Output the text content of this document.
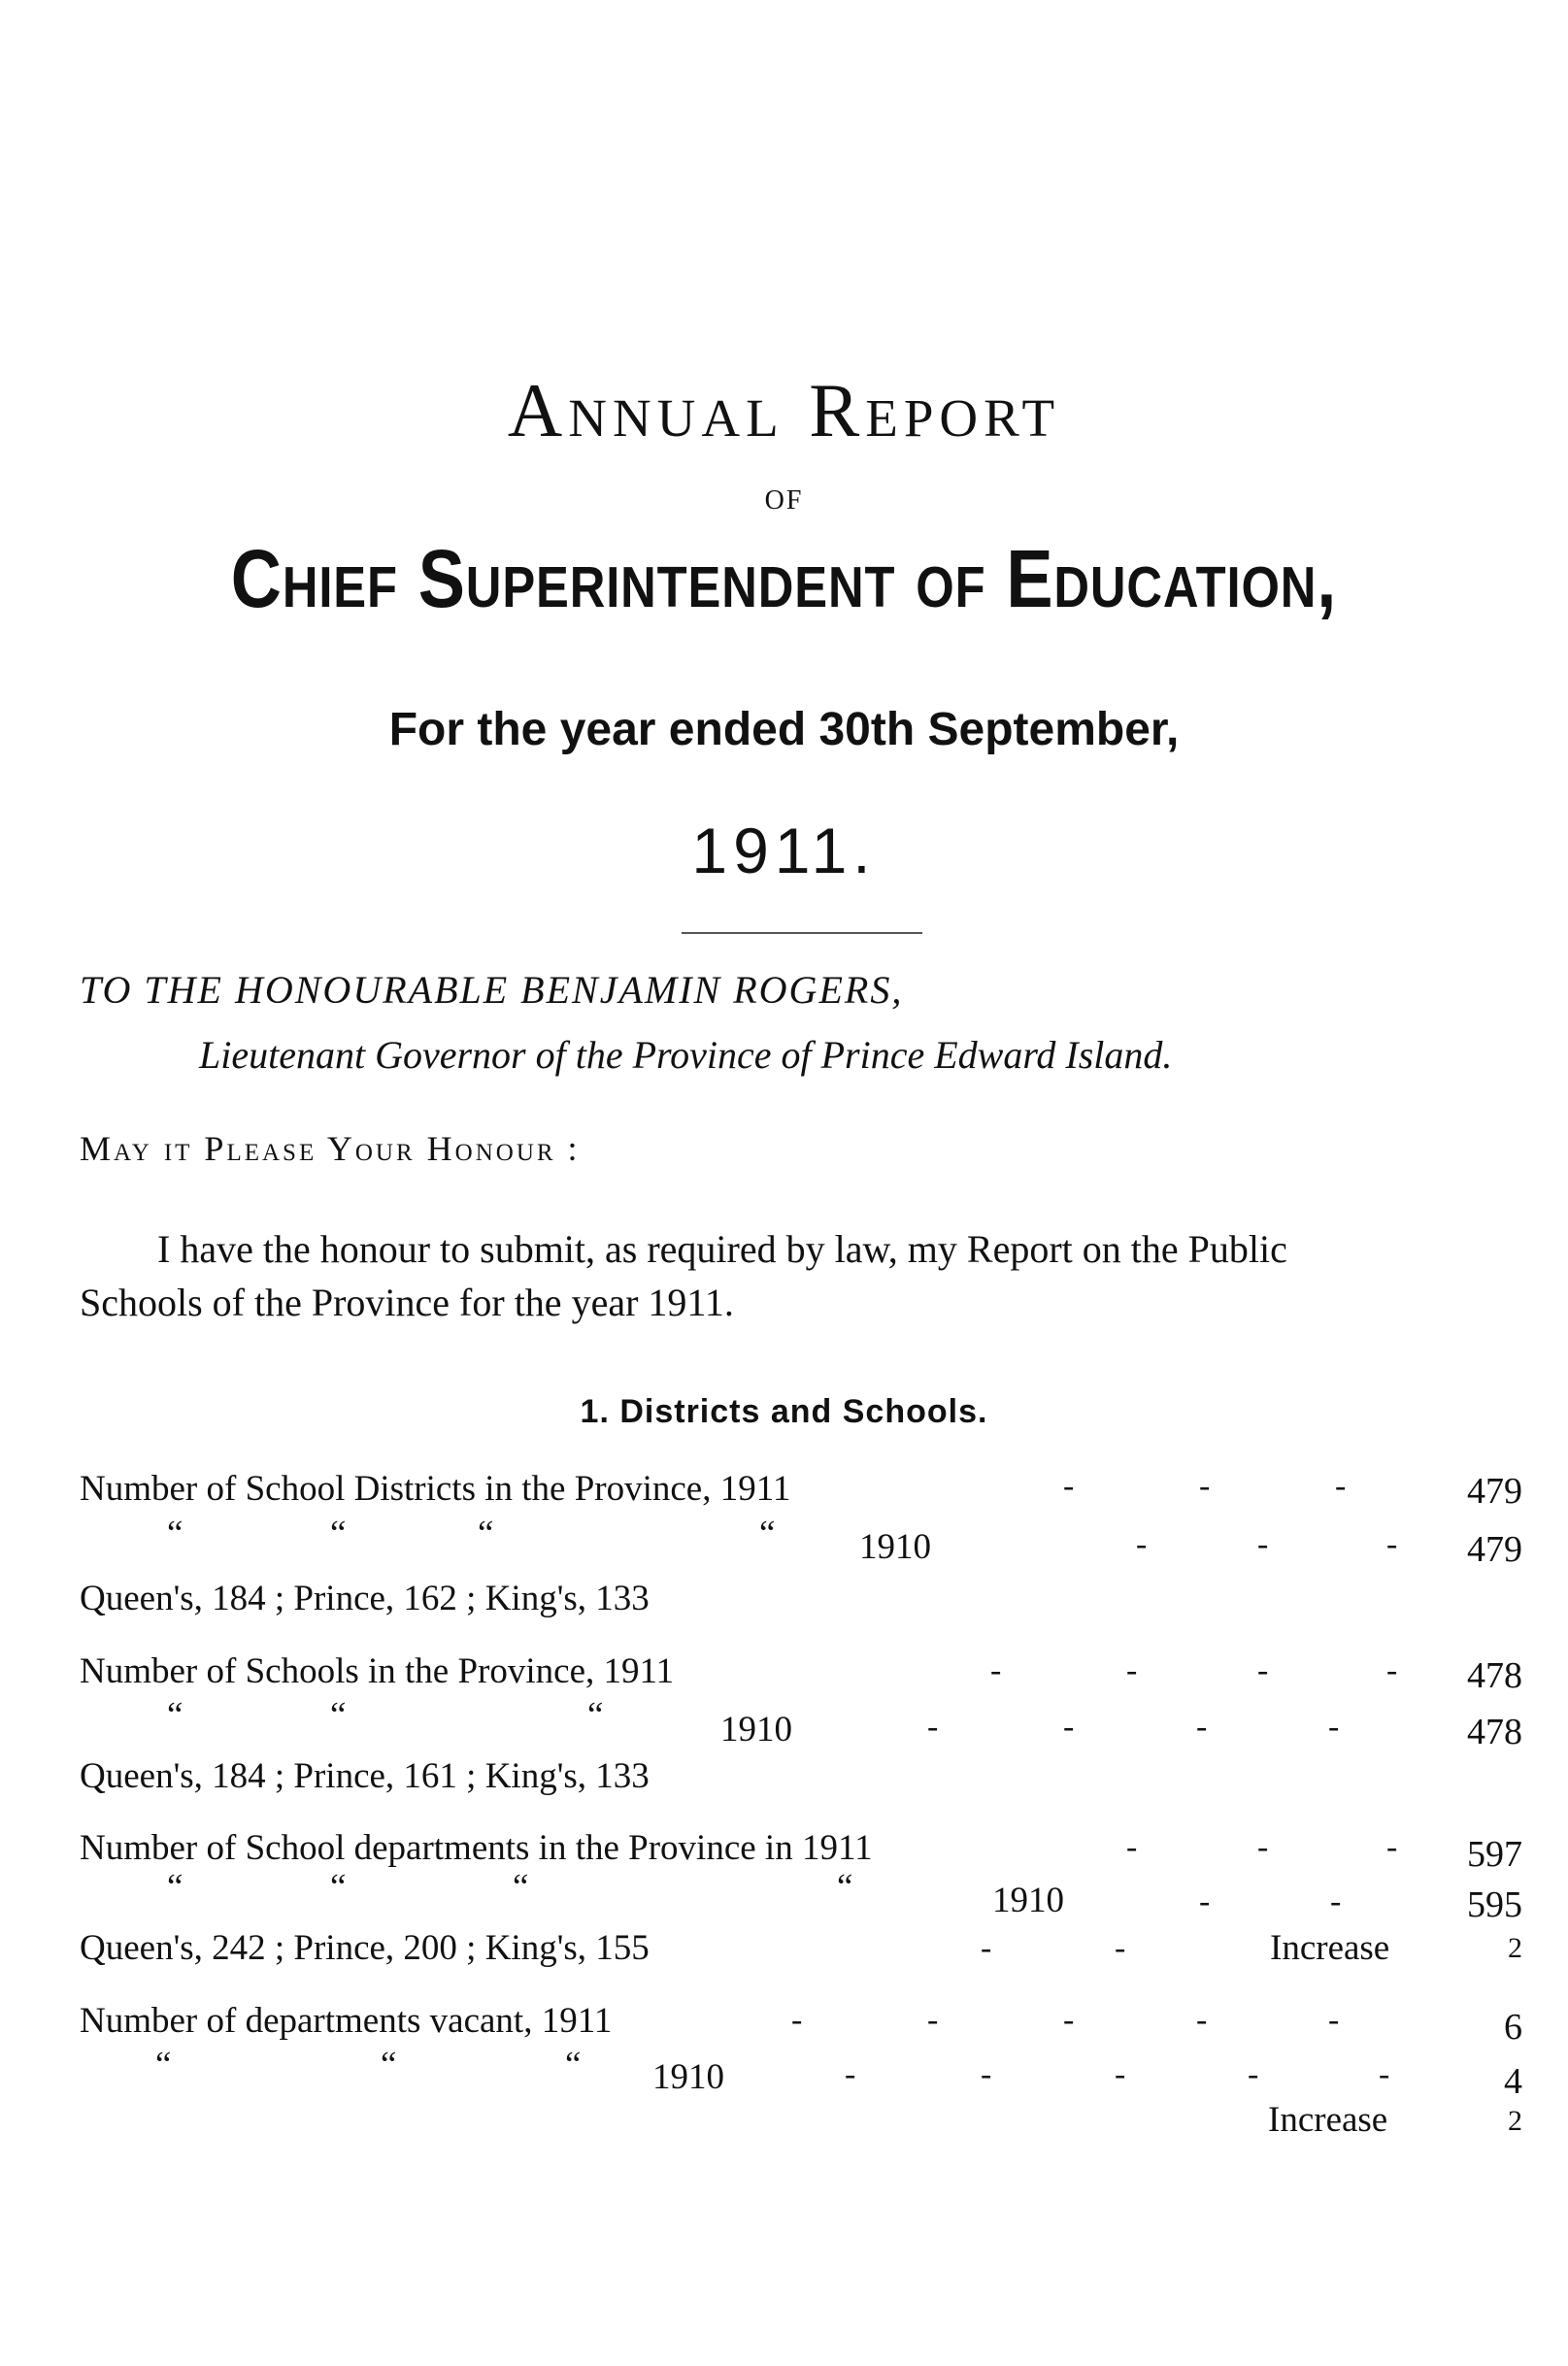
Annual Report
OF
Chief Superintendent of Education,
For the year ended 30th September,
1911.
TO THE HONOURABLE BENJAMIN ROGERS,
Lieutenant Governor of the Province of Prince Edward Island.
May it Please Your Honour :
I have the honour to submit, as required by law, my Report on the Public
Schools of the Province for the year 1911.
1. Districts and Schools.
Number of School Districts in the Province, 1911	-	-	-	479
“	“	“	“ 1910	-	-	-	479
Queen's, 184 ; Prince, 162 ; King's, 133
Number of Schools in the Province, 1911	-	-	-	-	478
“	“	“	1910	-	-	-	-	478
Queen's, 184 ; Prince, 161 ; King's, 133
Number of School departments in the Province in 1911	-	-	-	597
“	“	“	“	1910	-	-	595
Queen's, 242 ; Prince, 200 ; King's, 155	-	-	Increase	2
Number of departments vacant, 1911	-	-	-	-	-	6
“	“	“ 1910	-	-	-	-	-	4
Increase	2
